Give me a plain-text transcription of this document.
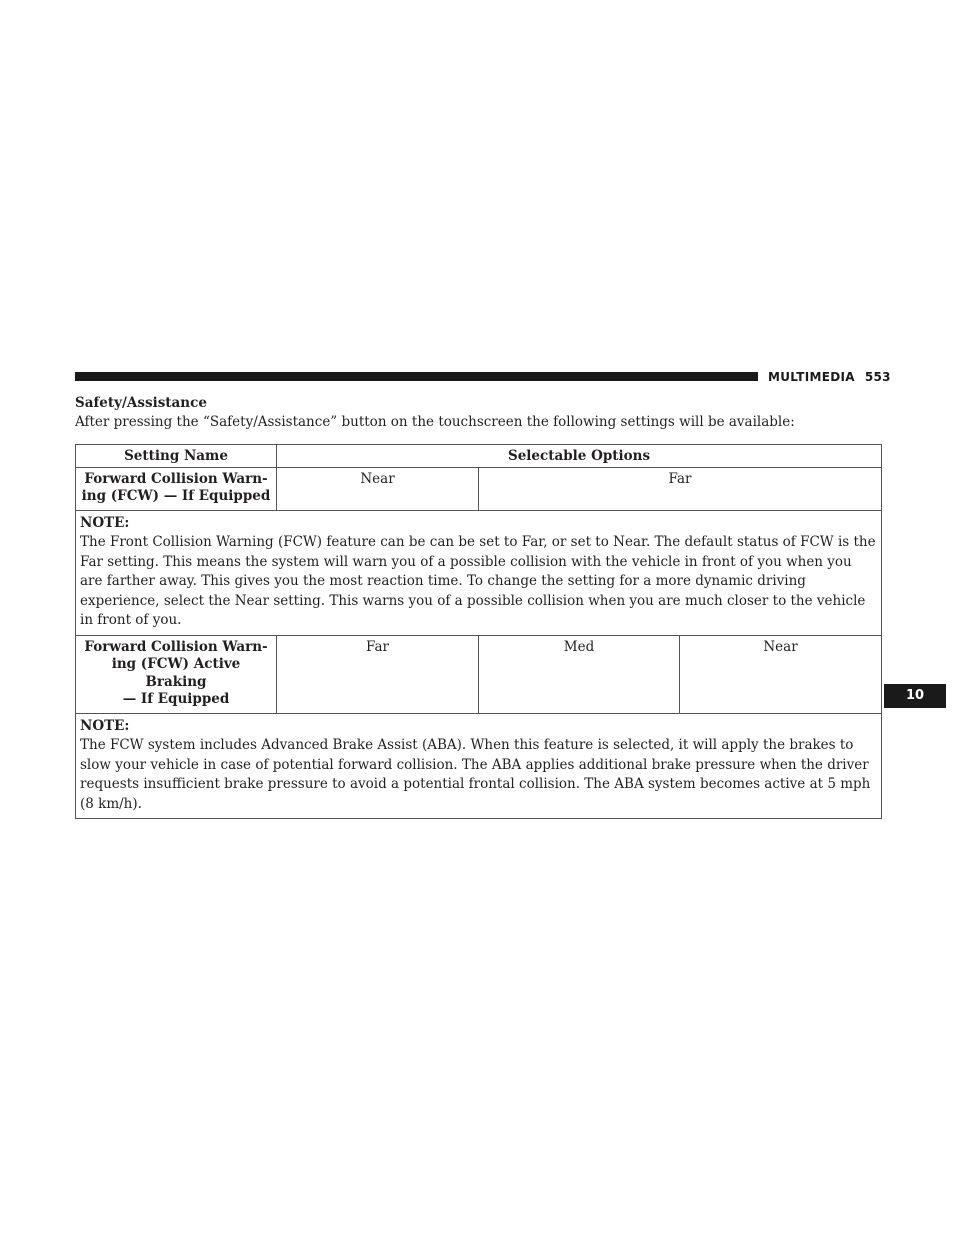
MULTIMEDIA 553
10
Safety/Assistance
After pressing the “Safety/Assistance” button on the touchscreen the following settings will be available:
Setting Name	Selectable Options		
Forward Collision Warn-
ing (FCW) — If Equipped	Near	Far	

NOTE:
The Front Collision Warning (FCW) feature can be can be set to Far, or set to Near. The default status of FCW is the Far setting. This means the system will warn you of a possible collision with the vehicle in front of you when you are farther away. This gives you the most reaction time. To change the setting for a more dynamic driving experience, select the Near setting. This warns you of a possible collision when you are much closer to the vehicle in front of you.			
Forward Collision Warn-
ing (FCW) Active Braking
— If Equipped	Far	Med	Near

NOTE:
The FCW system includes Advanced Brake Assist (ABA). When this feature is selected, it will apply the brakes to slow your vehicle in case of potential forward collision. The ABA applies additional brake pressure when the driver requests insufficient brake pressure to avoid a potential frontal collision. The ABA system becomes active at 5 mph (8 km/h).			
